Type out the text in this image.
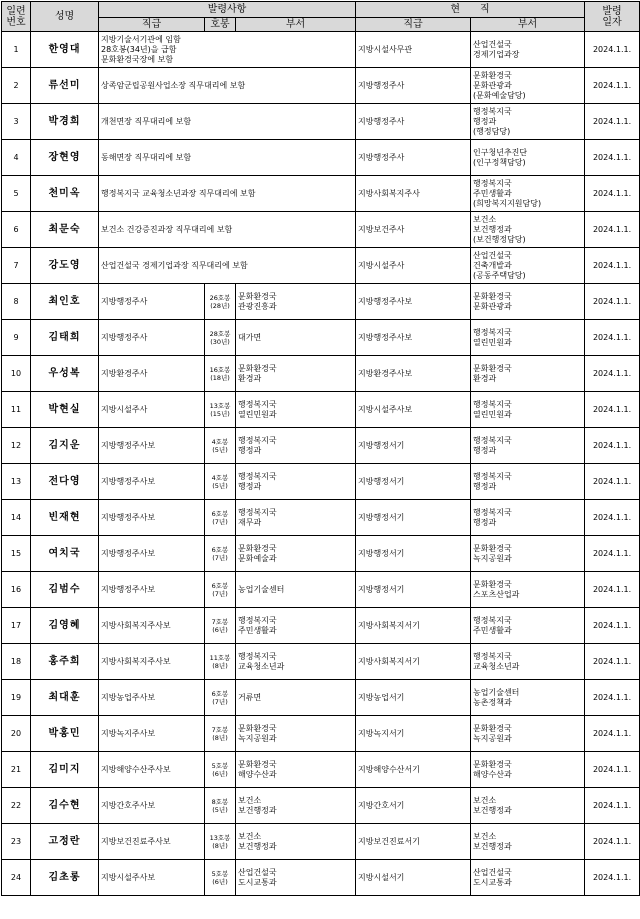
일련
번호	성명	발령사항			현　　직		발령
일자

		직급	호봉	부서	직급	부서	
1	한영대	지방기술서기관에 임함
28호봉(34년)을 급함
문화환경국장에 보함			지방시설사무관	산업건설국
경제기업과장	2024.1.1.
2	류선미	상족암군립공원사업소장 직무대리에 보함			지방행정주사	문화환경국
문화관광과
(문화예술담당)	2024.1.1.
3	박경희	개천면장 직무대리에 보함			지방행정주사	행정복지국
행정과
(행정담당)	2024.1.1.
4	장현영	동해면장 직무대리에 보함			지방행정주사	인구청년추진단
(인구정책담당)	2024.1.1.
5	천미옥	행정복지국 교육청소년과장 직무대리에 보함			지방사회복지주사	행정복지국
주민생활과
(희망복지지원담당)	2024.1.1.
6	최문숙	보건소 건강증진과장 직무대리에 보함			지방보건주사	보건소
보건행정과
(보건행정담당)	2024.1.1.
7	강도영	산업건설국 경제기업과장 직무대리에 보함			지방시설주사	산업건설국
건축개발과
(공동주택담당)	2024.1.1.
8	최인호	지방행정주사	26호봉
(28년)	문화환경국
관광진흥과	지방행정주사보	문화환경국
문화관광과	2024.1.1.
9	김태희	지방행정주사	28호봉
(30년)	대가면	지방행정주사보	행정복지국
열린민원과	2024.1.1.
10	우성복	지방환경주사	16호봉
(18년)	문화환경국
환경과	지방환경주사보	문화환경국
환경과	2024.1.1.
11	박현실	지방시설주사	13호봉
(15년)	행정복지국
열린민원과	지방시설주사보	행정복지국
열린민원과	2024.1.1.
12	김지운	지방행정주사보	4호봉
(5년)	행정복지국
행정과	지방행정서기	행정복지국
행정과	2024.1.1.
13	전다영	지방행정주사보	4호봉
(5년)	행정복지국
행정과	지방행정서기	행정복지국
행정과	2024.1.1.
14	빈재현	지방행정주사보	6호봉
(7년)	행정복지국
재무과	지방행정서기	행정복지국
행정과	2024.1.1.
15	여치국	지방행정주사보	6호봉
(7년)	문화환경국
문화예술과	지방행정서기	문화환경국
녹지공원과	2024.1.1.
16	김범수	지방행정주사보	6호봉
(7년)	농업기술센터	지방행정서기	문화환경국
스포츠산업과	2024.1.1.
17	김영혜	지방사회복지주사보	7호봉
(6년)	행정복지국
주민생활과	지방사회복지서기	행정복지국
주민생활과	2024.1.1.
18	홍주희	지방사회복지주사보	11호봉
(8년)	행정복지국
교육청소년과	지방사회복지서기	행정복지국
교육청소년과	2024.1.1.
19	최대훈	지방농업주사보	6호봉
(7년)	거류면	지방농업서기	농업기술센터
농촌정책과	2024.1.1.
20	박홍민	지방녹지주사보	7호봉
(8년)	문화환경국
녹지공원과	지방녹지서기	문화환경국
녹지공원과	2024.1.1.
21	김미지	지방해양수산주사보	5호봉
(6년)	문화환경국
해양수산과	지방해양수산서기	문화환경국
해양수산과	2024.1.1.
22	김수현	지방간호주사보	8호봉
(5년)	보건소
보건행정과	지방간호서기	보건소
보건행정과	2024.1.1.
23	고정란	지방보건진료주사보	13호봉
(8년)	보건소
보건행정과	지방보건진료서기	보건소
보건행정과	2024.1.1.
24	김초롱	지방시설주사보	5호봉
(6년)	산업건설국
도시교통과	지방시설서기	산업건설국
도시교통과	2024.1.1.
